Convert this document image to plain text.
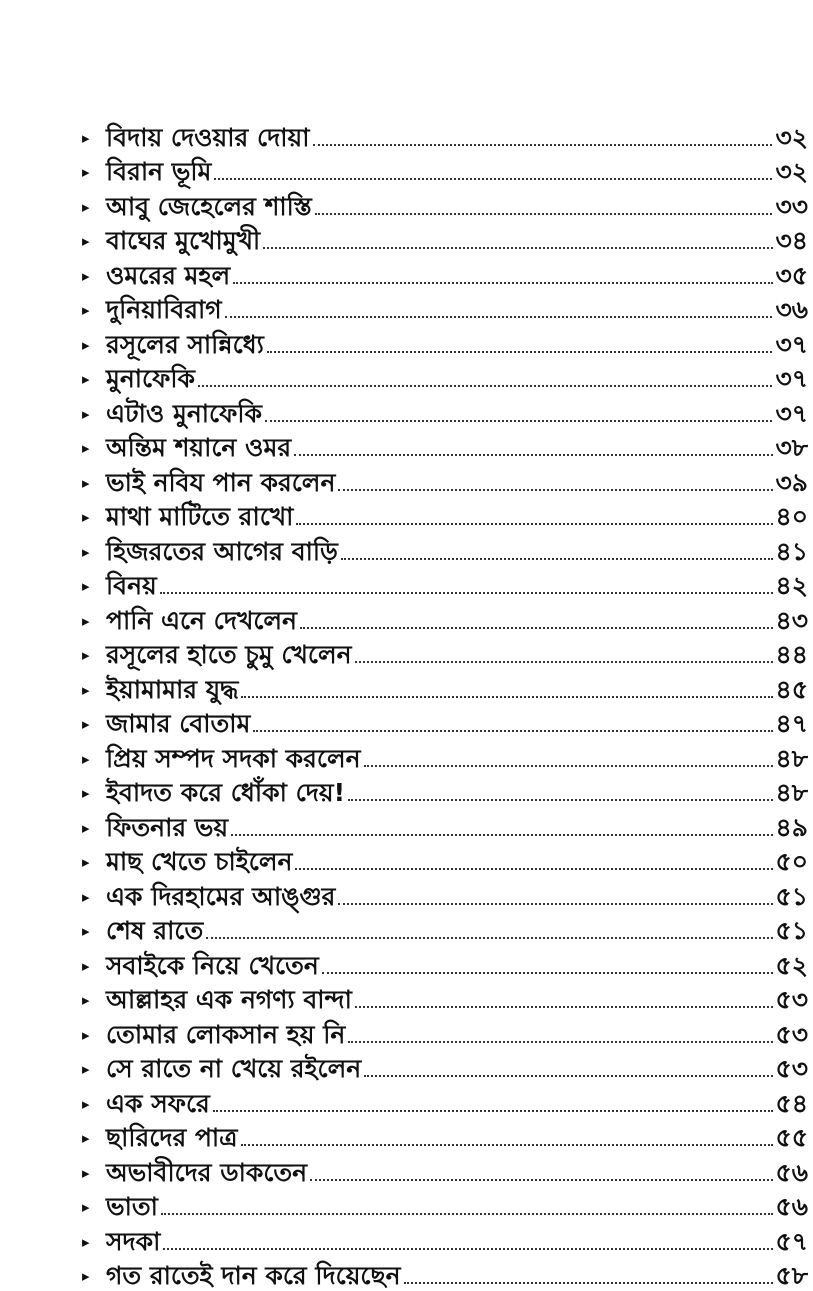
▸ বিদায় দেওয়ার দোয়া	৩২
▸ বিরান ভূমি	৩২
▸ আবু জেহেলের শাস্তি	৩৩
▸ বাঘের মুখোমুখী	৩৪
▸ ওমরের মহল	৩৫
▸ দুনিয়াবিরাগ	৩৬
▸ রসূলের সান্নিধ্যে	৩৭
▸ মুনাফেকি	৩৭
▸ এটাও মুনাফেকি	৩৭
▸ অন্তিম শয়ানে ওমর	৩৮
▸ ভাই নবিয পান করলেন	৩৯
▸ মাথা মাটিতে রাখো	৪০
▸ হিজরতের আগের বাড়ি	৪১
▸ বিনয়	৪২
▸ পানি এনে দেখলেন	৪৩
▸ রসূলের হাতে চুমু খেলেন	৪৪
▸ ইয়ামামার যুদ্ধ	৪৫
▸ জামার বোতাম	৪৭
▸ প্রিয় সম্পদ সদকা করলেন	৪৮
▸ ইবাদত করে ধোঁকা দেয়!	৪৮
▸ ফিতনার ভয়	৪৯
▸ মাছ খেতে চাইলেন	৫০
▸ এক দিরহামের আঙ্গুর	৫১
▸ শেষ রাতে	৫১
▸ সবাইকে নিয়ে খেতেন	৫২
▸ আল্লাহর এক নগণ্য বান্দা	৫৩
▸ তোমার লোকসান হয় নি	৫৩
▸ সে রাতে না খেয়ে রইলেন	৫৩
▸ এক সফরে	৫৪
▸ ছারিদের পাত্র	৫৫
▸ অভাবীদের ডাকতেন	৫৬
▸ ভাতা	৫৬
▸ সদকা	৫৭
▸ গত রাতেই দান করে দিয়েছেন	৫৮
